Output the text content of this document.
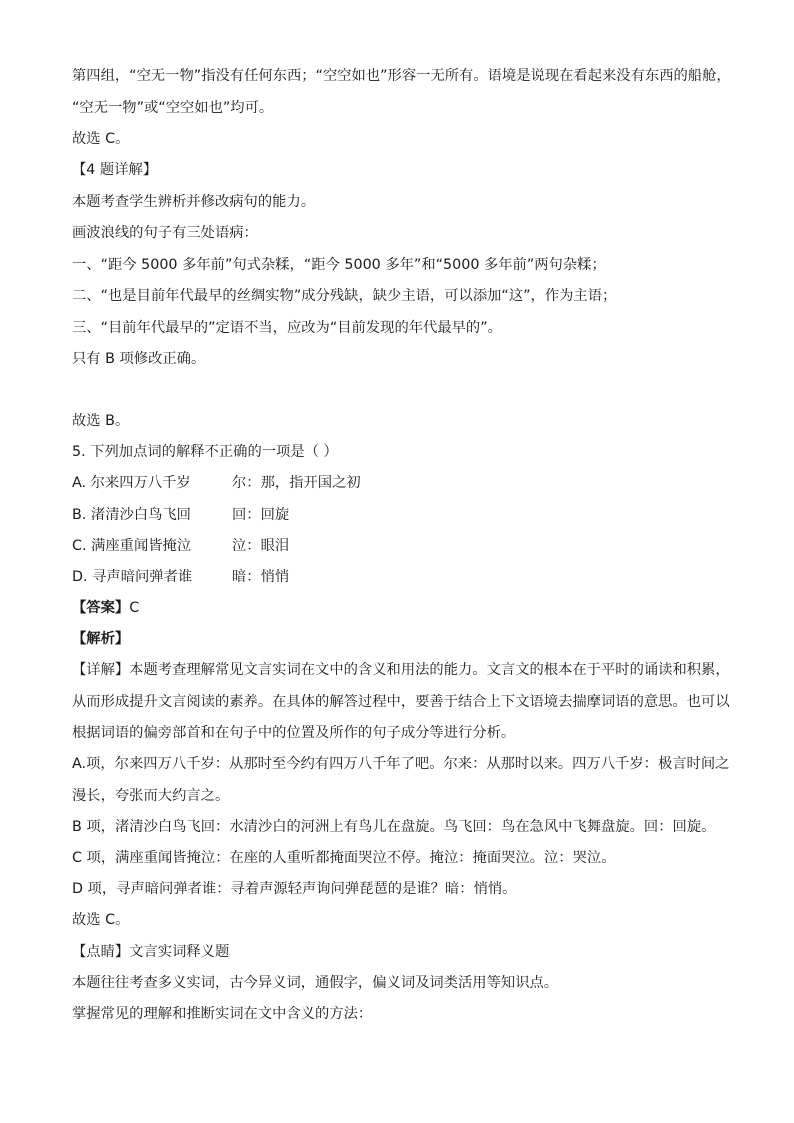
第四组，“空无一物”指没有任何东西；“空空如也”形容一无所有。语境是说现在看起来没有东西的船舱，
“空无一物”或“空空如也”均可。
故选 C。
【4 题详解】
本题考查学生辨析并修改病句的能力。
画波浪线的句子有三处语病：
一、“距今 5000 多年前”句式杂糅，“距今 5000 多年”和“5000 多年前”两句杂糅；
二、“也是目前年代最早的丝绸实物”成分残缺，缺少主语，可以添加“这”，作为主语；
三、“目前年代最早的”定语不当，应改为“目前发现的年代最早的”。
只有 B 项修改正确。
故选 B。
5. 下列加点词的解释不正确的一项是（ ）
A. 尔来四万八千岁	尔：那，指开国之初
B. 渚清沙白鸟飞回	回：回旋
C. 满座重闻皆掩泣	泣：眼泪
D. 寻声暗问弹者谁	暗：悄悄
【答案】C
【解析】
【详解】本题考查理解常见文言实词在文中的含义和用法的能力。文言文的根本在于平时的诵读和积累，
从而形成提升文言阅读的素养。在具体的解答过程中，要善于结合上下文语境去揣摩词语的意思。也可以
根据词语的偏旁部首和在句子中的位置及所作的句子成分等进行分析。
A.项，尔来四万八千岁：从那时至今约有四万八千年了吧。尔来：从那时以来。四万八千岁：极言时间之
漫长，夸张而大约言之。
B 项，渚清沙白鸟飞回：水清沙白的河洲上有鸟儿在盘旋。鸟飞回：鸟在急风中飞舞盘旋。回：回旋。
C 项，满座重闻皆掩泣：在座的人重听都掩面哭泣不停。掩泣：掩面哭泣。泣：哭泣。
D 项，寻声暗问弹者谁：寻着声源轻声询问弹琵琶的是谁？暗：悄悄。
故选 C。
【点睛】文言实词释义题
本题往往考查多义实词，古今异义词，通假字，偏义词及词类活用等知识点。
掌握常见的理解和推断实词在文中含义的方法：
